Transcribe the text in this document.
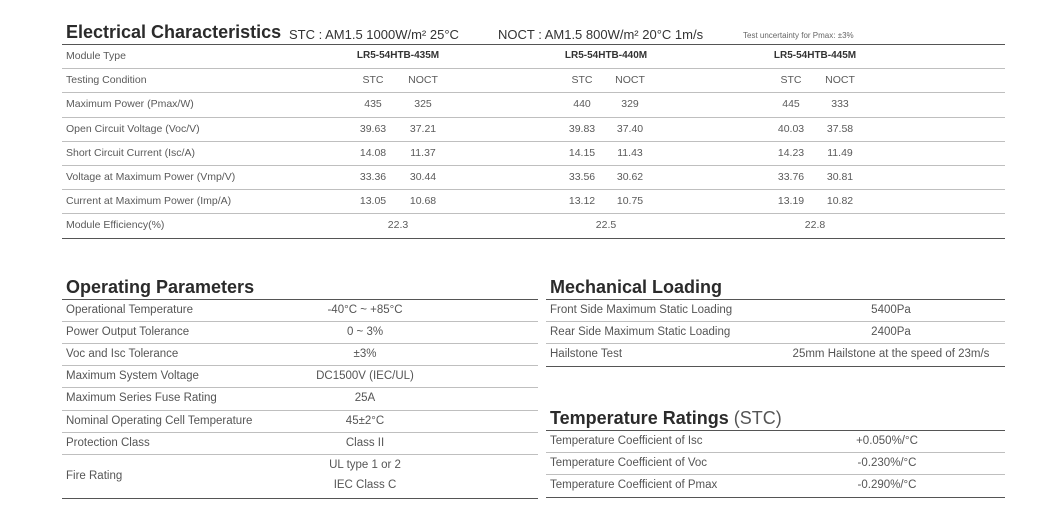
Electrical Characteristics STC : AM1.5 1000W/m² 25°C	NOCT : AM1.5 800W/m² 20°C 1m/s	Test uncertainty for Pmax: ±3%
Module Type	LR5-54HTB-435M	LR5-54HTB-440M	LR5-54HTB-445M
Testing Condition	STC NOCT	STC NOCT	STC NOCT
Maximum Power (Pmax/W)	435	325	440	329	445	333
Open Circuit Voltage (Voc/V)	39.63 37.21	39.83 37.40	40.03 37.58
Short Circuit Current (Isc/A)	14.08 11.37	14.15 11.43	14.23 11.49
Voltage at Maximum Power (Vmp/V)	33.36 30.44	33.56 30.62	33.76 30.81
Current at Maximum Power (Imp/A)	13.05 10.68	13.12 10.75	13.19 10.82
Module Efficiency(%)	22.3	22.5	22.8
Operating Parameters
Operational Temperature	-40°C ~ +85°C
Power Output Tolerance	0 ~ 3%
Voc and Isc Tolerance	±3%
Maximum System Voltage	DC1500V (IEC/UL)
Maximum Series Fuse Rating	25A
Nominal Operating Cell Temperature	45±2°C
Protection Class	Class II
Fire Rating
UL type 1 or 2
IEC Class C
Mechanical Loading
Front Side Maximum Static Loading	5400Pa
Rear Side Maximum Static Loading	2400Pa
Hailstone Test	25mm Hailstone at the speed of 23m/s
Temperature Ratings (STC)
Temperature Coefficient of Isc	+0.050%/°C
Temperature Coefficient of Voc	-0.230%/°C
Temperature Coefficient of Pmax	-0.290%/°C
